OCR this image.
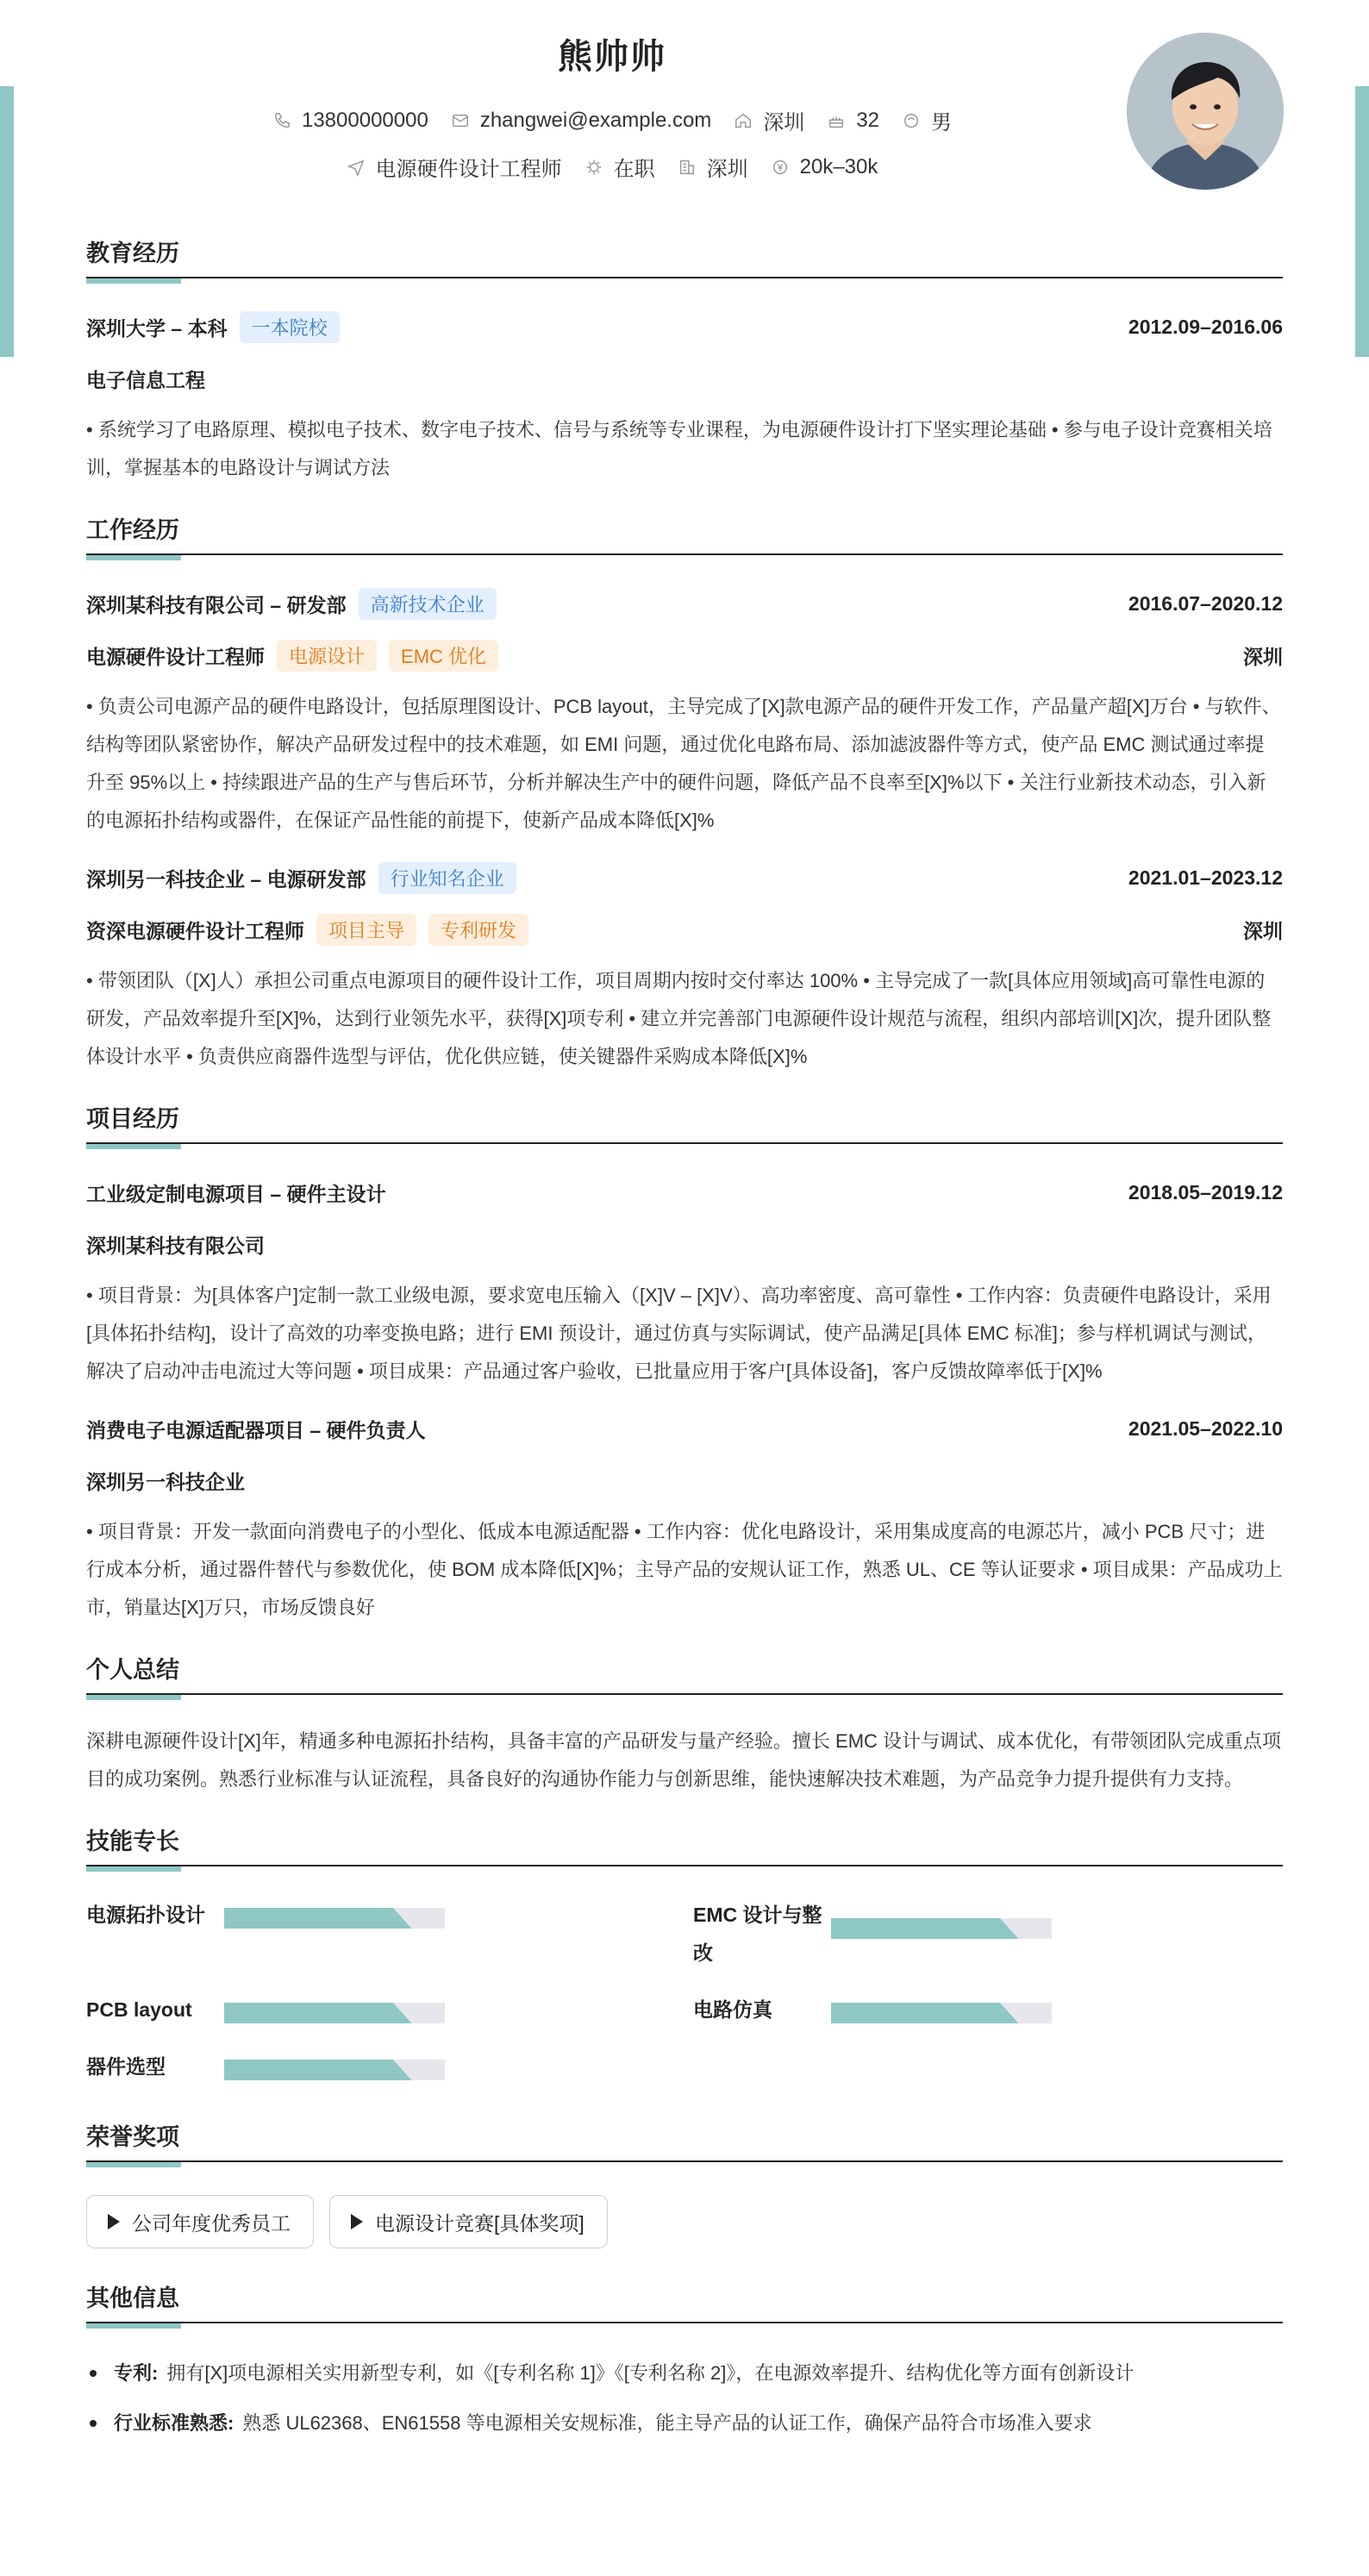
熊帅帅
13800000000	zhangwei@example.com	深圳	32	男
电源硬件设计工程师	在职	深圳	20k–30k
教育经历
深圳大学 – 本科	一本院校	2012.09–2016.06
电子信息工程

• 系统学习了电路原理、模拟电子技术、数字电子技术、信号与系统等专业课程，为电源硬件设计打下坚实理论基础 • 参与电子设计竞赛相关培训，掌握基本的电路设计与调试方法

工作经历
深圳某科技有限公司 – 研发部	高新技术企业	2016.07–2020.12
电源硬件设计工程师	电源设计	EMC 优化	深圳

• 负责公司电源产品的硬件电路设计，包括原理图设计、PCB layout，主导完成了[X]款电源产品的硬件开发工作，产品量产超[X]万台 • 与软件、结构等团队紧密协作，解决产品研发过程中的技术难题，如 EMI 问题，通过优化电路布局、添加滤波器件等方式，使产品 EMC 测试通过率提升至 95%以上 • 持续跟进产品的生产与售后环节，分析并解决生产中的硬件问题，降低产品不良率至[X]%以下 • 关注行业新技术动态，引入新的电源拓扑结构或器件，在保证产品性能的前提下，使新产品成本降低[X]%

深圳另一科技企业 – 电源研发部	行业知名企业	2021.01–2023.12
资深电源硬件设计工程师	项目主导	专利研发	深圳

• 带领团队（[X]人）承担公司重点电源项目的硬件设计工作，项目周期内按时交付率达 100% • 主导完成了一款[具体应用领域]高可靠性电源的研发，产品效率提升至[X]%，达到行业领先水平，获得[X]项专利 • 建立并完善部门电源硬件设计规范与流程，组织内部培训[X]次，提升团队整体设计水平 • 负责供应商器件选型与评估，优化供应链，使关键器件采购成本降低[X]%

项目经历
工业级定制电源项目 – 硬件主设计	2018.05–2019.12
深圳某科技有限公司

• 项目背景：为[具体客户]定制一款工业级电源，要求宽电压输入（[X]V – [X]V）、高功率密度、高可靠性 • 工作内容：负责硬件电路设计，采用[具体拓扑结构]，设计了高效的功率变换电路；进行 EMI 预设计，通过仿真与实际调试，使产品满足[具体 EMC 标准]；参与样机调试与测试，解决了启动冲击电流过大等问题 • 项目成果：产品通过客户验收，已批量应用于客户[具体设备]，客户反馈故障率低于[X]%

消费电子电源适配器项目 – 硬件负责人	2021.05–2022.10
深圳另一科技企业

• 项目背景：开发一款面向消费电子的小型化、低成本电源适配器 • 工作内容：优化电路设计，采用集成度高的电源芯片，减小 PCB 尺寸；进行成本分析，通过器件替代与参数优化，使 BOM 成本降低[X]%；主导产品的安规认证工作，熟悉 UL、CE 等认证要求 • 项目成果：产品成功上市，销量达[X]万只，市场反馈良好

个人总结

深耕电源硬件设计[X]年，精通多种电源拓扑结构，具备丰富的产品研发与量产经验。擅长 EMC 设计与调试、成本优化，有带领团队完成重点项目的成功案例。熟悉行业标准与认证流程，具备良好的沟通协作能力与创新思维，能快速解决技术难题，为产品竞争力提升提供有力支持。

技能专长
电源拓扑设计	EMC 设计与整改
PCB layout	电路仿真
器件选型
荣誉奖项
公司年度优秀员工	电源设计竞赛[具体奖项]
其他信息
专利: 拥有[X]项电源相关实用新型专利，如《[专利名称 1]》《[专利名称 2]》，在电源效率提升、结构优化等方面有创新设计
行业标准熟悉: 熟悉 UL62368、EN61558 等电源相关安规标准，能主导产品的认证工作，确保产品符合市场准入要求
